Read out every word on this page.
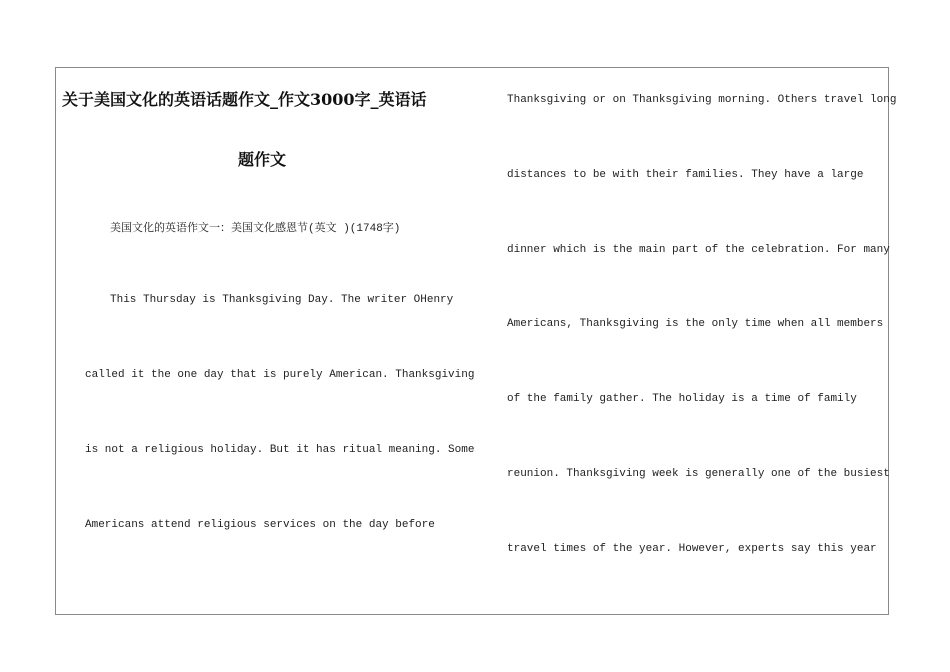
关于美国文化的英语话题作文_作文3000字_英语话
题作文
美国文化的英语作文一：美国文化感恩节(英文 )(1748字)
This Thursday is Thanksgiving Day. The writer OHenry
called it the one day that is purely American. Thanksgiving
is not a religious holiday. But it has ritual meaning. Some
Americans attend religious services on the day before
Thanksgiving or on Thanksgiving morning. Others travel long
distances to be with their families. They have a large
dinner which is the main part of the celebration. For many
Americans, Thanksgiving is the only time when all members
of the family gather. The holiday is a time of family
reunion. Thanksgiving week is generally one of the busiest
travel times of the year. However, experts say this year
